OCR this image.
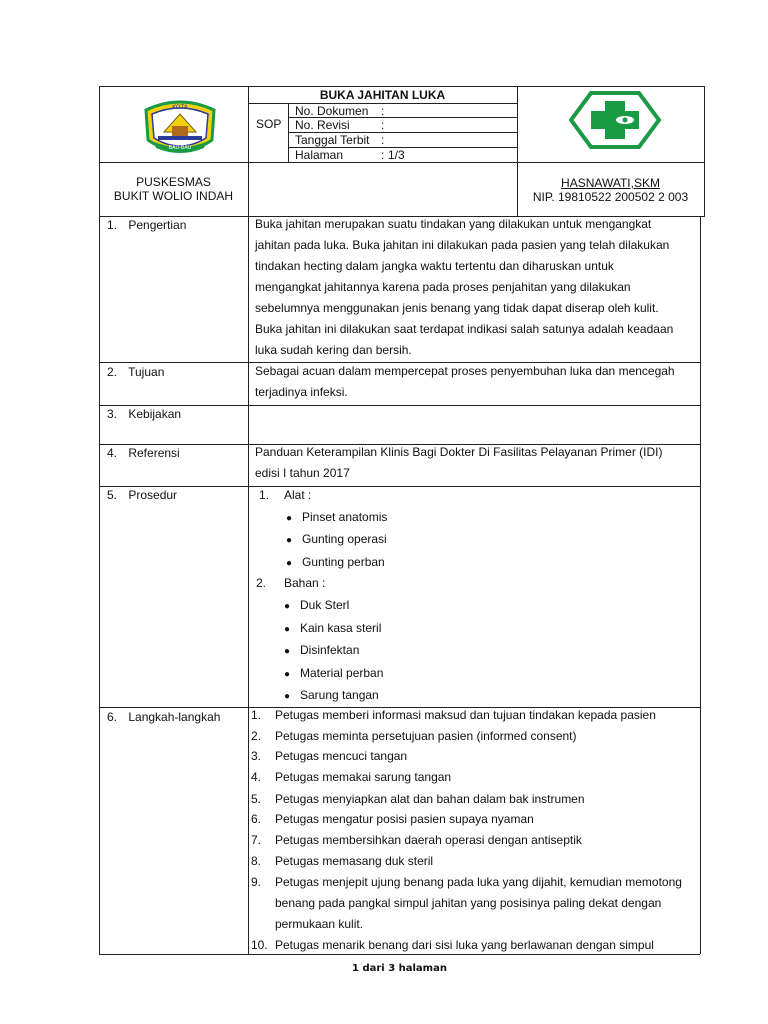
KOTA
BAU-BAU
BUKA JAHITAN LUKA
SOP
No. Dokumen :
No. Revisi	:
Tanggal Terbit :
Halaman	: 1/3
PUSKESMAS
BUKIT WOLIO INDAH
HASNAWATI,SKM
NIP. 19810522 200502 2 003
1. Pengertian	Buka jahitan merupakan suatu tindakan yang dilakukan untuk mengangkat
jahitan pada luka. Buka jahitan ini dilakukan pada pasien yang telah dilakukan
tindakan hecting dalam jangka waktu tertentu dan diharuskan untuk
mengangkat jahitannya karena pada proses penjahitan yang dilakukan
sebelumnya menggunakan jenis benang yang tidak dapat diserap oleh kulit.
Buka jahitan ini dilakukan saat terdapat indikasi salah satunya adalah keadaan
luka sudah kering dan bersih.
2. Tujuan	Sebagai acuan dalam mempercepat proses penyembuhan luka dan mencegah
terjadinya infeksi.
3. Kebijakan
4. Referensi	Panduan Keterampilan Klinis Bagi Dokter Di Fasilitas Pelayanan Primer (IDI)
edisi I tahun 2017
5. Prosedur	1. Alat :
● Pinset anatomis
● Gunting operasi
● Gunting perban
2. Bahan :
● Duk Sterl
● Kain kasa steril
● Disinfektan
● Material perban
● Sarung tangan
6. Langkah-langkah	1.	Petugas memberi informasi maksud dan tujuan tindakan kepada pasien
2.	Petugas meminta persetujuan pasien (informed consent)
3.	Petugas mencuci tangan
4.	Petugas memakai sarung tangan
5.	Petugas menyiapkan alat dan bahan dalam bak instrumen
6.	Petugas mengatur posisi pasien supaya nyaman
7.	Petugas membersihkan daerah operasi dengan antiseptik
8.	Petugas memasang duk steril
9.	Petugas menjepit ujung benang pada luka yang dijahit, kemudian memotong
benang pada pangkal simpul jahitan yang posisinya paling dekat dengan
permukaan kulit.
10. Petugas menarik benang dari sisi luka yang berlawanan dengan simpul
1 dari 3 halaman
